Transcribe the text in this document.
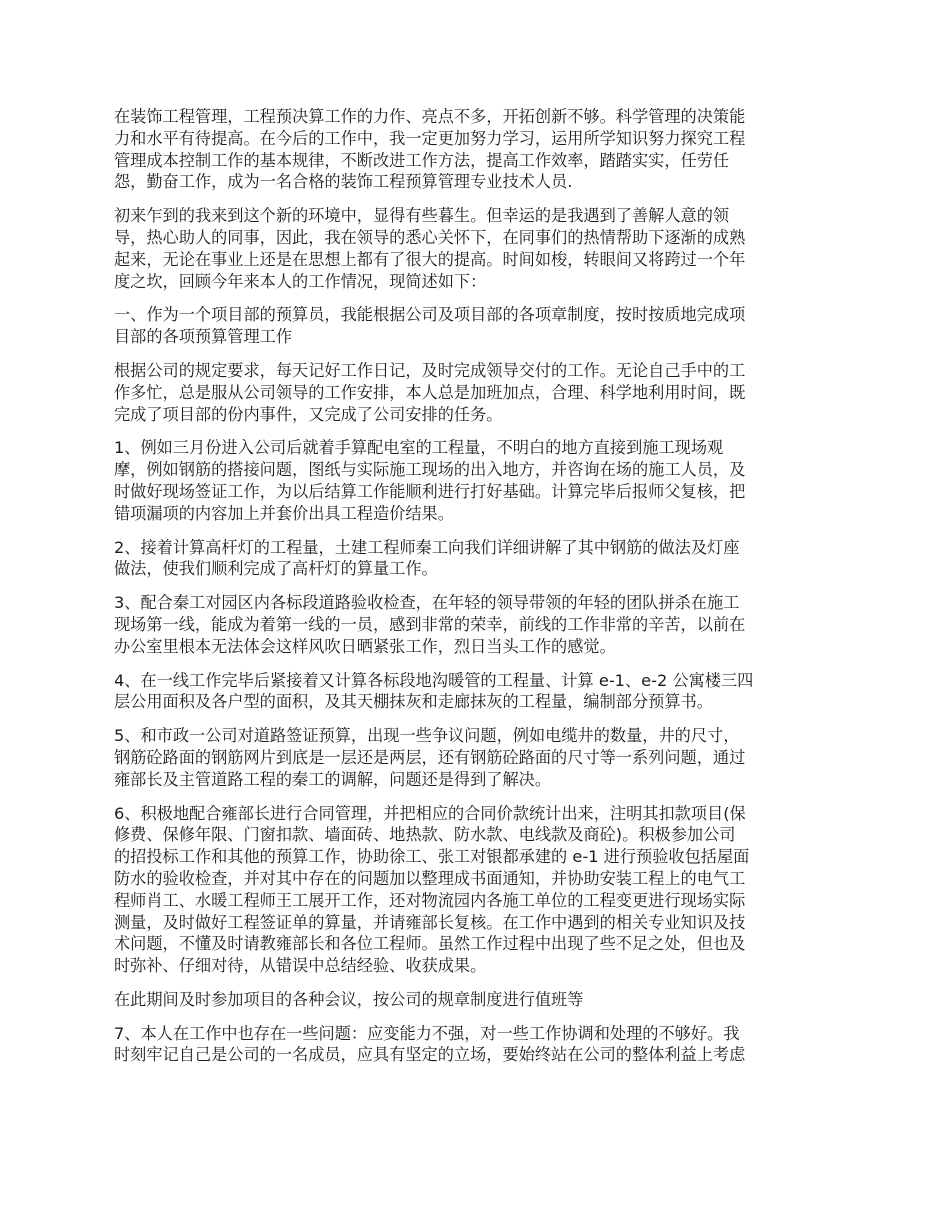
在装饰工程管理，工程预决算工作的力作、亮点不多，开拓创新不够。科学管理的决策能
力和水平有待提高。在今后的工作中，我一定更加努力学习，运用所学知识努力探究工程
管理成本控制工作的基本规律，不断改进工作方法，提高工作效率，踏踏实实，任劳任
怨，勤奋工作，成为一名合格的装饰工程预算管理专业技术人员.

初来乍到的我来到这个新的环境中，显得有些暮生。但幸运的是我遇到了善解人意的领
导，热心助人的同事，因此，我在领导的悉心关怀下，在同事们的热情帮助下逐渐的成熟
起来，无论在事业上还是在思想上都有了很大的提高。时间如梭，转眼间又将跨过一个年
度之坎，回顾今年来本人的工作情况，现简述如下：

一、作为一个项目部的预算员，我能根据公司及项目部的各项章制度，按时按质地完成项
目部的各项预算管理工作

根据公司的规定要求，每天记好工作日记，及时完成领导交付的工作。无论自己手中的工
作多忙，总是服从公司领导的工作安排，本人总是加班加点，合理、科学地利用时间，既
完成了项目部的份内事件，又完成了公司安排的任务。

1、例如三月份进入公司后就着手算配电室的工程量，不明白的地方直接到施工现场观
摩，例如钢筋的搭接问题，图纸与实际施工现场的出入地方，并咨询在场的施工人员，及
时做好现场签证工作，为以后结算工作能顺利进行打好基础。计算完毕后报师父复核，把
错项漏项的内容加上并套价出具工程造价结果。

2、接着计算高杆灯的工程量，土建工程师秦工向我们详细讲解了其中钢筋的做法及灯座
做法，使我们顺利完成了高杆灯的算量工作。

3、配合秦工对园区内各标段道路验收检查，在年轻的领导带领的年轻的团队拼杀在施工
现场第一线，能成为着第一线的一员，感到非常的荣幸，前线的工作非常的辛苦，以前在
办公室里根本无法体会这样风吹日晒紧张工作，烈日当头工作的感觉。

4、在一线工作完毕后紧接着又计算各标段地沟暖管的工程量、计算 e-1、e-2 公寓楼三四
层公用面积及各户型的面积，及其天棚抹灰和走廊抹灰的工程量，编制部分预算书。

5、和市政一公司对道路签证预算，出现一些争议问题，例如电缆井的数量，井的尺寸，
钢筋砼路面的钢筋网片到底是一层还是两层，还有钢筋砼路面的尺寸等一系列问题，通过
雍部长及主管道路工程的秦工的调解，问题还是得到了解决。

6、积极地配合雍部长进行合同管理，并把相应的合同价款统计出来，注明其扣款项目(保
修费、保修年限、门窗扣款、墙面砖、地热款、防水款、电线款及商砼)。积极参加公司
的招投标工作和其他的预算工作，协助徐工、张工对银都承建的 e-1 进行预验收包括屋面
防水的验收检查，并对其中存在的问题加以整理成书面通知，并协助安装工程上的电气工
程师肖工、水暖工程师王工展开工作，还对物流园内各施工单位的工程变更进行现场实际
测量，及时做好工程签证单的算量，并请雍部长复核。在工作中遇到的相关专业知识及技
术问题，不懂及时请教雍部长和各位工程师。虽然工作过程中出现了些不足之处，但也及
时弥补、仔细对待，从错误中总结经验、收获成果。

在此期间及时参加项目的各种会议，按公司的规章制度进行值班等

7、本人在工作中也存在一些问题：应变能力不强，对一些工作协调和处理的不够好。我
时刻牢记自己是公司的一名成员，应具有坚定的立场，要始终站在公司的整体利益上考虑
